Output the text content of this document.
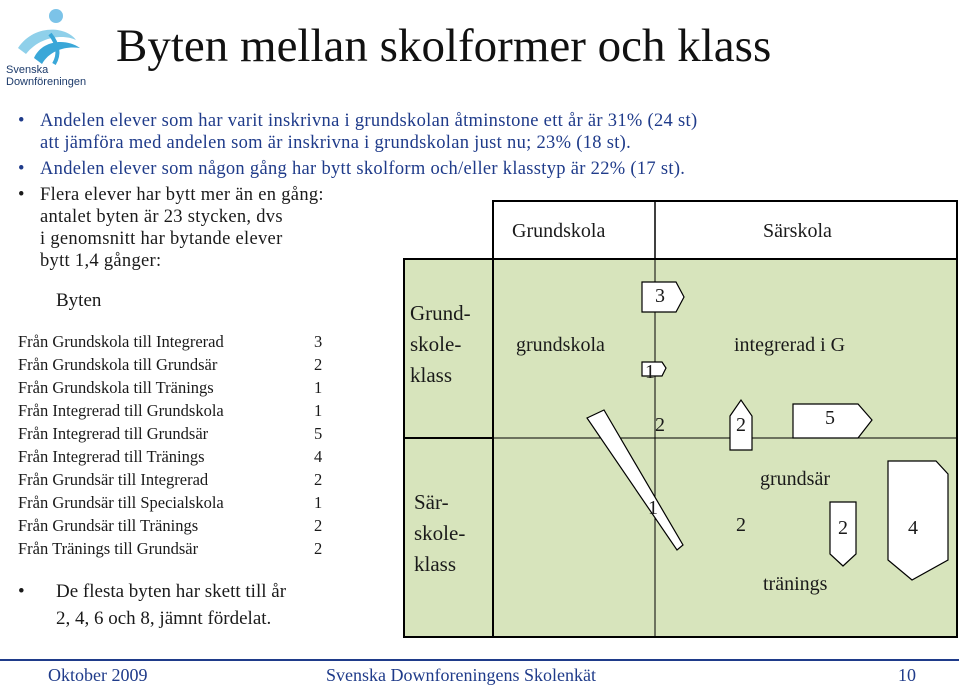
Svenska
Downföreningen
Byten mellan skolformer och klass
• Andelen elever som har varit inskrivna i grundskolan åtminstone ett år är 31% (24 st)
att jämföra med andelen som är inskrivna i grundskolan just nu; 23% (18 st).
• Andelen elever som någon gång har bytt skolform och/eller klasstyp är 22% (17 st).
• Flera elever har bytt mer än en gång:
antalet byten är 23 stycken, dvs
i genomsnitt har bytande elever
bytt 1,4 gånger:
Byten
Från Grundskola till Integrerad	3
Från Grundskola till Grundsär	2
Från Grundskola till Tränings	1
Från Integrerad till Grundskola	1
Från Integrerad till Grundsär	5
Från Integrerad till Tränings	4
Från Grundsär till Integrerad	2
Från Grundsär till Specialskola	1
Från Grundsär till Tränings	2
Från Tränings till Grundsär	2
•	De flesta byten har skett till år
2, 4, 6 och 8, jämnt fördelat.
Grundskola	Särskola
Grund-
skole-
klass
Sär-
skole-
klass
grundskola	integrerad i G
grundsär
tränings
3
1
2	2	5
1
2	2	4
Oktober 2009	Svenska Downforeningens Skolenkät	10
